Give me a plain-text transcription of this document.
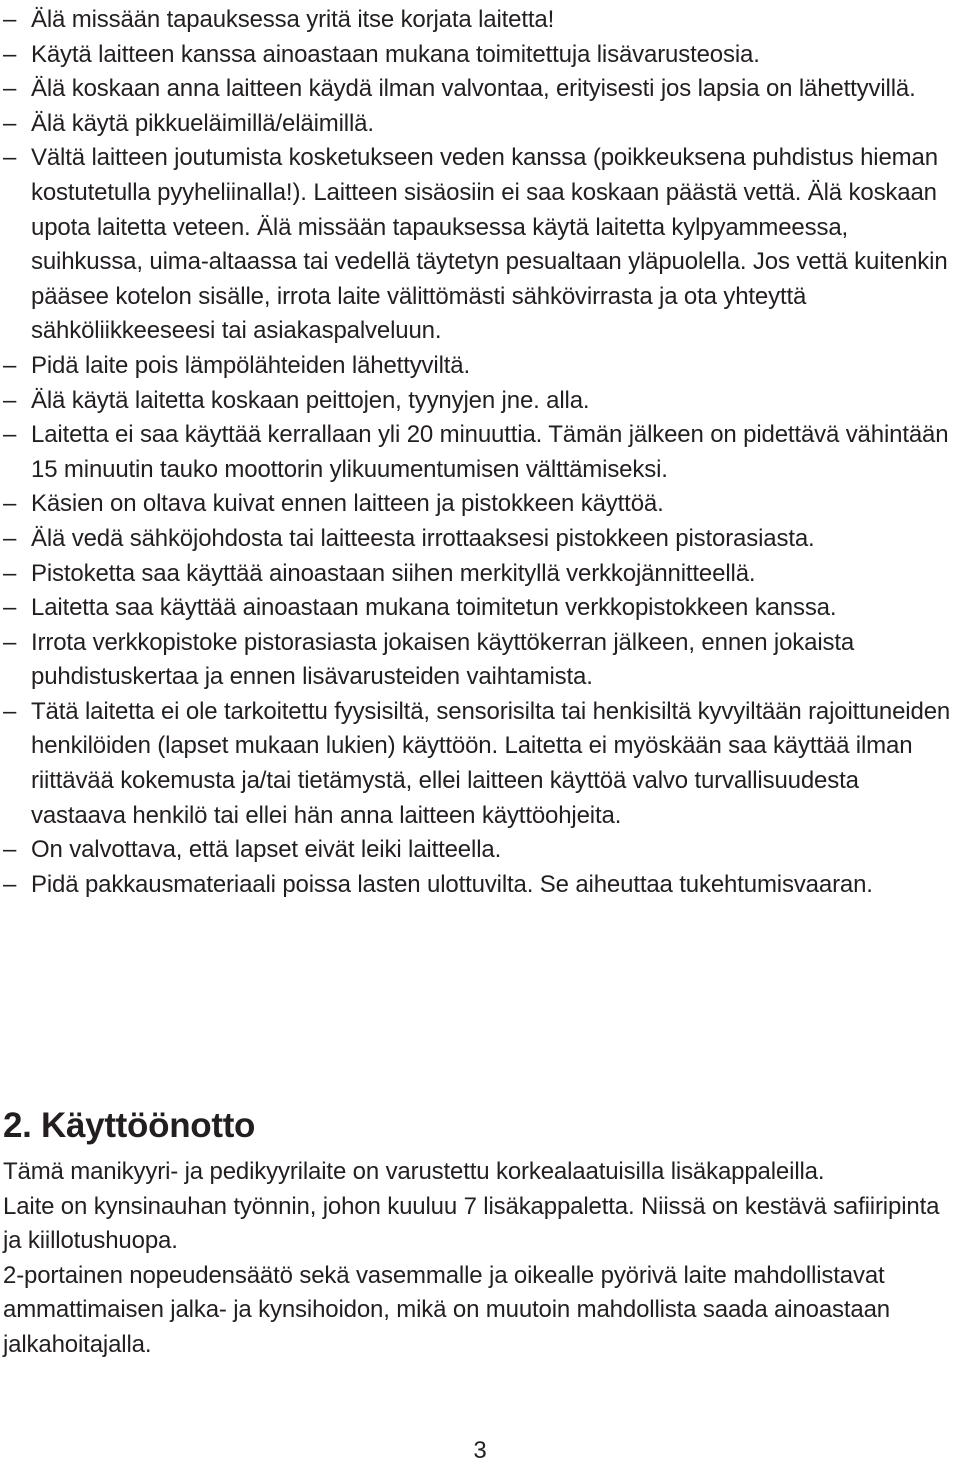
– Älä missään tapauksessa yritä itse korjata laitetta!
– Käytä laitteen kanssa ainoastaan mukana toimitettuja lisävarusteosia.
– Älä koskaan anna laitteen käydä ilman valvontaa, erityisesti jos lapsia on lähettyvillä.
– Älä käytä pikkueläimillä/eläimillä.
– Vältä laitteen joutumista kosketukseen veden kanssa (poikkeuksena puhdistus hieman kostutetulla pyyheliinalla!). Laitteen sisäosiin ei saa koskaan päästä vettä. Älä koskaan upota laitetta veteen. Älä missään tapauksessa käytä laitetta kylpyammeessa, suihkussa, uima-altaassa tai vedellä täytetyn pesualtaan yläpuolella. Jos vettä kuitenkin pääsee kotelon sisälle, irrota laite välittömästi sähkövirrasta ja ota yhteyttä sähköliikkeeseesi tai asiakaspalveluun.
– Pidä laite pois lämpölähteiden lähettyviltä.
– Älä käytä laitetta koskaan peittojen, tyynyjen jne. alla.
– Laitetta ei saa käyttää kerrallaan yli 20 minuuttia. Tämän jälkeen on pidettävä vähintään 15 minuutin tauko moottorin ylikuumentumisen välttämiseksi.
– Käsien on oltava kuivat ennen laitteen ja pistokkeen käyttöä.
– Älä vedä sähköjohdosta tai laitteesta irrottaaksesi pistokkeen pistorasiasta.
– Pistoketta saa käyttää ainoastaan siihen merkityllä verkkojännitteellä.
– Laitetta saa käyttää ainoastaan mukana toimitetun verkkopistokkeen kanssa.
– Irrota verkkopistoke pistorasiasta jokaisen käyttökerran jälkeen, ennen jokaista puhdistuskertaa ja ennen lisävarusteiden vaihtamista.
– Tätä laitetta ei ole tarkoitettu fyysisiltä, sensorisilta tai henkisiltä kyvyiltään rajoittuneiden henkilöiden (lapset mukaan lukien) käyttöön. Laitetta ei myöskään saa käyttää ilman riittävää kokemusta ja/tai tietämystä, ellei laitteen käyttöä valvo turvallisuudesta vastaava henkilö tai ellei hän anna laitteen käyttöohjeita.
– On valvottava, että lapset eivät leiki laitteella.
– Pidä pakkausmateriaali poissa lasten ulottuvilta. Se aiheuttaa tukehtumisvaaran.
2. Käyttöönotto

Tämä manikyyri- ja pedikyyrilaite on varustettu korkealaatuisilla lisäkappaleilla.

Laite on kynsinauhan työnnin, johon kuuluu 7 lisäkappaletta. Niissä on kestävä safiiripinta ja kiillotushuopa.

2-portainen nopeudensäätö sekä vasemmalle ja oikealle pyörivä laite mahdollistavat ammattimaisen jalka- ja kynsihoidon, mikä on muutoin mahdollista saada ainoastaan jalkahoitajalla.

3
